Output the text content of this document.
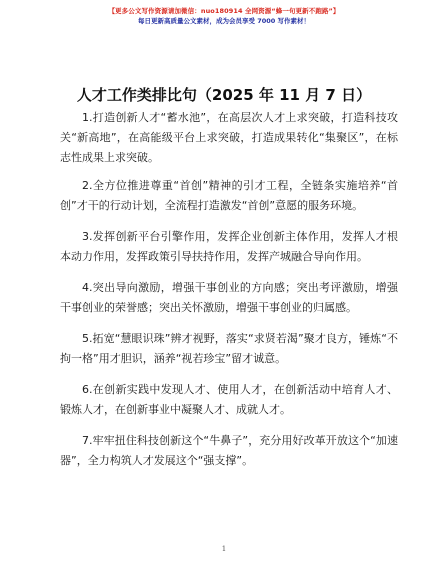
【更多公文写作资源请加微信：nuo180914 全网资源“蜂一句更新不跑路”】
每日更新高质量公文素材，成为会员享受 7000 写作素材！
人才工作类排比句（2025 年 11 月 7 日）

1.打造创新人才“蓄水池”，在高层次人才上求突破，打造科技攻关“新高地”，在高能级平台上求突破，打造成果转化“集聚区”，在标志性成果上求突破。

2.全方位推进尊重“首创”精神的引才工程，全链条实施培养“首创”才干的行动计划，全流程打造激发“首创”意愿的服务环境。

3.发挥创新平台引擎作用，发挥企业创新主体作用，发挥人才根本动力作用，发挥政策引导扶持作用，发挥产城融合导向作用。

4.突出导向激励，增强干事创业的方向感；突出考评激励，增强干事创业的荣誉感；突出关怀激励，增强干事创业的归属感。

5.拓宽“慧眼识珠”辨才视野，落实“求贤若渴”聚才良方，锤炼“不拘一格”用才胆识，涵养“视若珍宝”留才诚意。

6.在创新实践中发现人才、使用人才，在创新活动中培育人才、锻炼人才，在创新事业中凝聚人才、成就人才。

7.牢牢扭住科技创新这个“牛鼻子”，充分用好改革开放这个“加速器”，全力构筑人才发展这个“强支撑”。

1
